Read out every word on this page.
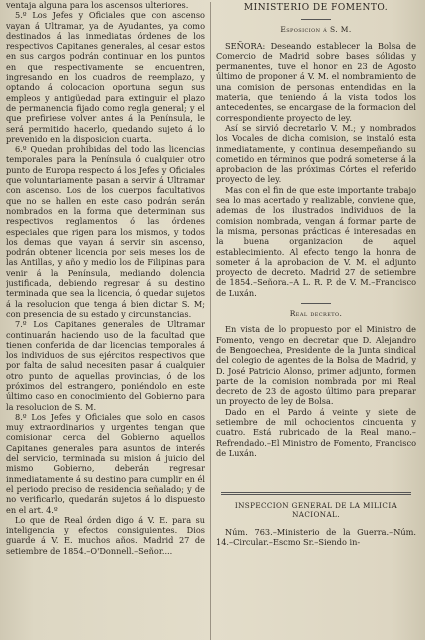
ventaja alguna para los ascensos ulteriores.

5.º Los Jefes y Oficiales que con ascenso vayan á Ultramar, ya de Ayudantes, ya como destinados á las inmediatas órdenes de los respectivos Capitanes generales, al cesar estos en sus cargos podrán continuar en los puntos en que respectivamente se encuentren, ingresando en los cuadros de reemplazo, y optando á colocacion oportuna segun sus empleos y antigüedad para extinguir el plazo de permanencia fijado como regla general; y el que prefiriese volver antes á la Península, le será permitido hacerlo, quedando sujeto á lo prevenido en la disposicion cuarta.

6.º Quedan prohibidas del todo las licencias temporales para la Península ó cualquier otro punto de Europa respecto á los Jefes y Oficiales que voluntariamente pasan a servir á Ultramar con ascenso. Los de los cuerpos facultativos que no se hallen en este caso podrán serán nombrados en la forma que determinan sus respectivos reglamentos ó las órdenes especiales que rigen para los mismos, y todos los demas que vayan á servir sin ascenso, podrán obtener licencia por seis meses los de las Antillas, y año y medio los de Filipinas para venir á la Península, mediando dolencia justificada, debiendo regresar á su destino terminada que sea la licencia, ó quedar sujetos á la resolucion que tenga á bien dictar S. M; con presencia de su estado y circunstancias.

7.º Los Capitanes generales de Ultramar continuarán haciendo uso de la facultad que tienen conferida de dar licencias temporales á los individuos de sus ejércitos respectivos que por falta de salud necesiten pasar á cualquier otro punto de aquellas provincias, ó de los próximos del estrangero, poniéndolo en este último caso en conocimiento del Gobierno para la resolucion de S. M.

8.º Los Jefes y Oficiales que solo en casos muy extraordinarios y urgentes tengan que comisionar cerca del Gobierno aquellos Capitanes generales para asuntos de interés del servicio, terminada su mision á juicio del mismo Gobierno, deberán regresar inmediatamente á su destino para cumplir en él el periodo preciso de residencia señalado; y de no verificarlo, quedarán sujetos á lo dispuesto en el art. 4.º

Lo que de Real órden digo á V. E. para su inteligencia y efectos consiguientes. Dios guarde á V. E. muchos años. Madrid 27 de setiembre de 1854.–O'Donnell.–Señor....

MINISTERIO DE FOMENTO.

Esposicion á S. M.

SEÑORA: Deseando establecer la Bolsa de Comercio de Madrid sobre bases sólidas y permanentes, tuve el honor en 23 de Agosto último de proponer á V. M. el nombramiento de una comision de personas entendidas en la materia, que teniendo á la vista todos los antecedentes, se encargase de la formacion del correspondiente proyecto de ley.

Así se sirvió decretarlo V. M.; y nombrados los Vocales de dicha comision, se instaló esta inmediatamente, y continua desempeñando su cometido en términos que podrá someterse á la aprobacion de las próximas Córtes el referido proyecto de ley.

Mas con el fin de que este importante trabajo sea lo mas acertado y realizable, conviene que, ademas de los ilustrados individuos de la comision nombrada, vengan á formar parte de la misma, personas prácticas é interesadas en la buena organizacion de aquel establecimiento. Al efecto tengo la honra de someter á la aprobacion de V. M. el adjunto proyecto de decreto. Madrid 27 de setiembre de 1854.–Señora.–A L. R. P. de V. M.–Francisco de Luxán.

Real decreto.

En vista de lo propuesto por el Ministro de Fomento, vengo en decretar que D. Alejandro de Bengoechea, Presidente de la Junta sindical del colegio de agentes de la Bolsa de Madrid, y D. José Patricio Alonso, primer adjunto, formen parte de la comision nombrada por mi Real decreto de 23 de agosto último para preparar un proyecto de ley de Bolsa.

Dado en el Pardo á veinte y siete de setiembre de mil ochocientos cincuenta y cuatro. Está rubricado de la Real mano.–Refrendado.–El Ministro de Fomento, Francisco de Luxán.

INSPECCION GENERAL DE LA MILICIA NACIONAL.

Núm. 763.–Ministerio de la Guerra.–Núm. 14.–Circular.–Escmo Sr.–Siendo in-
